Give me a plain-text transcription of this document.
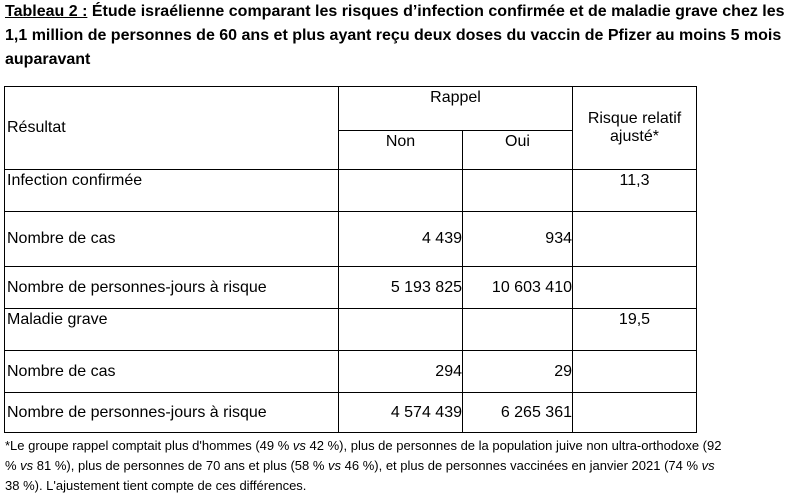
Tableau 2 : Étude israélienne comparant les risques d’infection confirmée et de maladie grave chez les 1,1 million de personnes de 60 ans et plus ayant reçu deux doses du vaccin de Pfizer au moins 5 mois auparavant
Résultat	Rappel		Risque relatif ajusté*
	Non	Oui	
Infection confirmée			11,3
Nombre de cas	4 439	934	
Nombre de personnes-jours à risque	5 193 825	10 603 410	
Maladie grave			19,5
Nombre de cas	294	29	
Nombre de personnes-jours à risque	4 574 439	6 265 361	
*Le groupe rappel comptait plus d'hommes (49 % vs 42 %), plus de personnes de la population juive non ultra-orthodoxe (92 % vs 81 %), plus de personnes de 70 ans et plus (58 % vs 46 %), et plus de personnes vaccinées en janvier 2021 (74 % vs 38 %). L'ajustement tient compte de ces différences.
